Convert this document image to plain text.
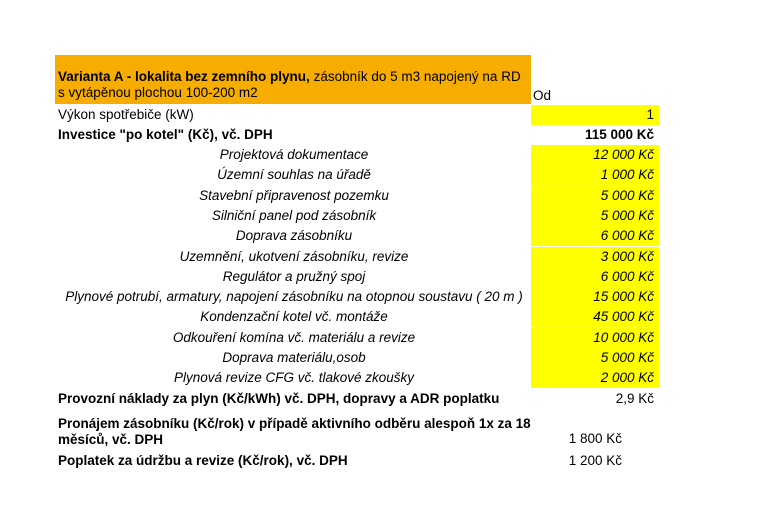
Varianta A - lokalita bez zemního plynu, zásobník do 5 m3 napojený na RD s vytápěnou plochou 100-200 m2	Od
Výkon spotřebiče (kW)	1
Investice "po kotel" (Kč), vč. DPH	115 000 Kč
Projektová dokumentace	12 000 Kč
Územní souhlas na úřadě	1 000 Kč
Stavební připravenost pozemku	5 000 Kč
Silniční panel pod zásobník	5 000 Kč
Doprava zásobníku	6 000 Kč
Uzemnění, ukotvení zásobníku, revize	3 000 Kč
Regulátor a pružný spoj	6 000 Kč
Plynové potrubí, armatury, napojení zásobníku na otopnou soustavu ( 20 m )	15 000 Kč
Kondenzační kotel vč. montáže	45 000 Kč
Odkouření komína vč. materiálu a revize	10 000 Kč
Doprava materiálu,osob	5 000 Kč
Plynová revize CFG vč. tlakové zkoušky	2 000 Kč
Provozní náklady za plyn (Kč/kWh) vč. DPH, dopravy a ADR poplatku	2,9 Kč
Pronájem zásobníku (Kč/rok) v případě aktivního odběru alespoň 1x za 18
měsíců, vč. DPH	1 800 Kč
Poplatek za údržbu a revize (Kč/rok), vč. DPH	1 200 Kč
